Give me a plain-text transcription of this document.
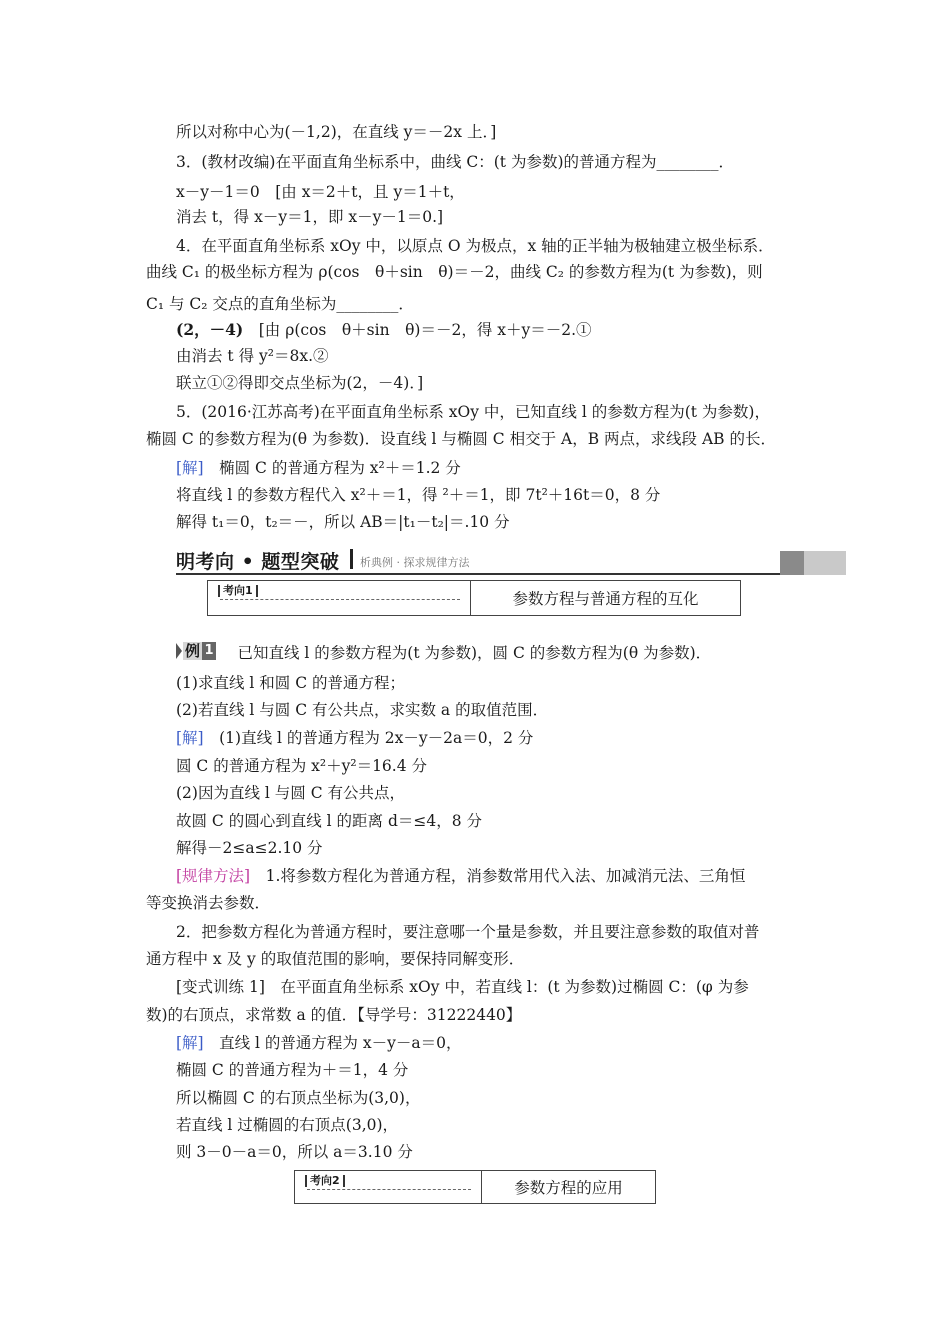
所以对称中心为(－1,2)，在直线 y＝－2x 上．]
3．(教材改编)在平面直角坐标系中，曲线 C：(t 为参数)的普通方程为________．
x－y－1＝0　[由 x＝2＋t，且 y＝1＋t，
消去 t，得 x－y＝1，即 x－y－1＝0.]
4．在平面直角坐标系 xOy 中，以原点 O 为极点，x 轴的正半轴为极轴建立极坐标系．
曲线 C₁ 的极坐标方程为 ρ(cos　θ＋sin　θ)＝－2，曲线 C₂ 的参数方程为(t 为参数)，则
C₁ 与 C₂ 交点的直角坐标为________．
(2，－4)　[由 ρ(cos　θ＋sin　θ)＝－2，得 x＋y＝－2.①
由消去 t 得 y²＝8x.②
联立①②得即交点坐标为(2，－4)．]
5．(2016·江苏高考)在平面直角坐标系 xOy 中，已知直线 l 的参数方程为(t 为参数)，
椭圆 C 的参数方程为(θ 为参数)．设直线 l 与椭圆 C 相交于 A，B 两点，求线段 AB 的长．
[解]　椭圆 C 的普通方程为 x²＋＝1.2 分
将直线 l 的参数方程代入 x²＋＝1，得 ²＋＝1，即 7t²＋16t＝0，8 分
解得 t₁＝0，t₂＝－，所以 AB＝|t₁－t₂|＝.10 分
明考向 • 题型突破 析典例 · 探求规律方法
考向1	参数方程与普通方程的互化
例 1 　已知直线 l 的参数方程为(t 为参数)，圆 C 的参数方程为(θ 为参数)．
(1)求直线 l 和圆 C 的普通方程；
(2)若直线 l 与圆 C 有公共点，求实数 a 的取值范围．
[解]　(1)直线 l 的普通方程为 2x－y－2a＝0，2 分
圆 C 的普通方程为 x²＋y²＝16.4 分
(2)因为直线 l 与圆 C 有公共点，
故圆 C 的圆心到直线 l 的距离 d＝≤4，8 分
解得－2≤a≤2.10 分
[规律方法]　1.将参数方程化为普通方程，消参数常用代入法、加减消元法、三角恒
等变换消去参数．
2．把参数方程化为普通方程时，要注意哪一个量是参数，并且要注意参数的取值对普
通方程中 x 及 y 的取值范围的影响，要保持同解变形．
[变式训练 1]　在平面直角坐标系 xOy 中，若直线 l：(t 为参数)过椭圆 C：(φ 为参
数)的右顶点，求常数 a 的值．【导学号：31222440】
[解]　直线 l 的普通方程为 x－y－a＝0，
椭圆 C 的普通方程为＋＝1，4 分
所以椭圆 C 的右顶点坐标为(3,0)，
若直线 l 过椭圆的右顶点(3,0)，
则 3－0－a＝0，所以 a＝3.10 分
考向2	参数方程的应用
